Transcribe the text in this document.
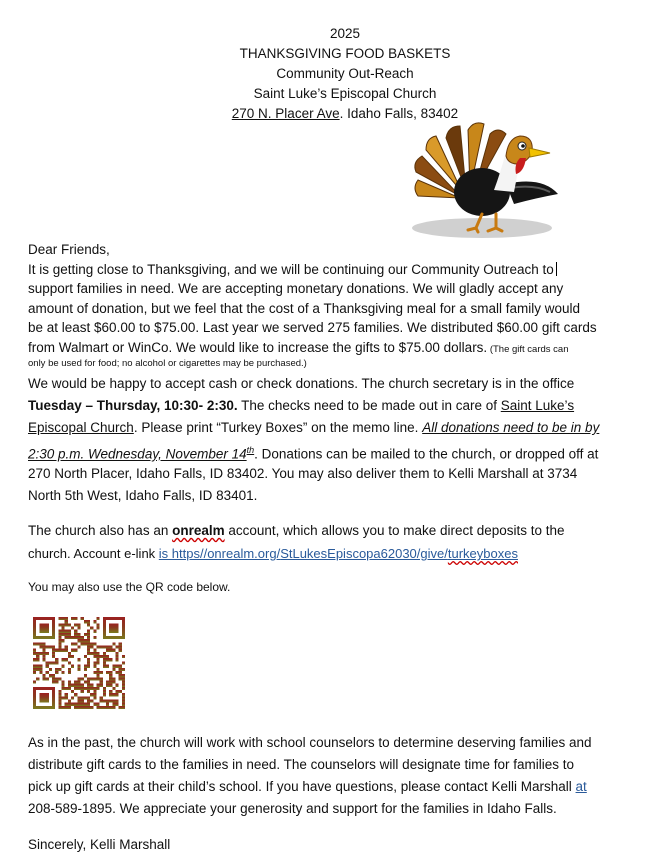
2025
THANKSGIVING FOOD BASKETS
Community Out-Reach
Saint Luke’s Episcopal Church
270 N. Placer Ave. Idaho Falls, 83402
Dear Friends,
It is getting close to Thanksgiving, and we will be continuing our Community Outreach to
support families in need. We are accepting monetary donations. We will gladly accept any
amount of donation, but we feel that the cost of a Thanksgiving meal for a small family would
be at least $60.00 to $75.00. Last year we served 275 families. We distributed $60.00 gift cards
from Walmart or WinCo. We would like to increase the gifts to $75.00 dollars. (The gift cards can
only be used for food; no alcohol or cigarettes may be purchased.)
We would be happy to accept cash or check donations. The church secretary is in the office
Tuesday – Thursday, 10:30- 2:30. The checks need to be made out in care of Saint Luke’s
Episcopal Church. Please print “Turkey Boxes” on the memo line. All donations need to be in by
2:30 p.m. Wednesday, November 14th. Donations can be mailed to the church, or dropped off at
270 North Placer, Idaho Falls, ID 83402. You may also deliver them to Kelli Marshall at 3734
North 5th West, Idaho Falls, ID 83401.
The church also has an onrealm account, which allows you to make direct deposits to the
church. Account e-link is https//onrealm.org/StLukesEpiscopa62030/give/turkeyboxes
You may also use the QR code below.
As in the past, the church will work with school counselors to determine deserving families and
distribute gift cards to the families in need. The counselors will designate time for families to
pick up gift cards at their child’s school. If you have questions, please contact Kelli Marshall at
208-589-1895. We appreciate your generosity and support for the families in Idaho Falls.
Sincerely, Kelli Marshall
